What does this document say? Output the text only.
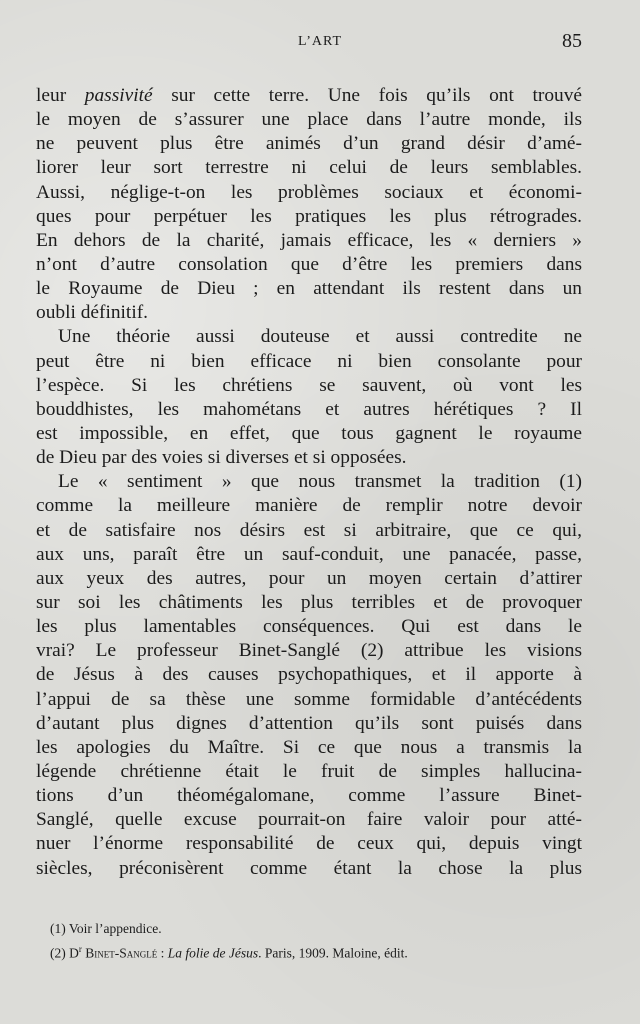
L’ART	85
leur passivité sur cette terre. Une fois qu’ils ont trouvé
le moyen de s’assurer une place dans l’autre monde, ils
ne peuvent plus être animés d’un grand désir d’amé-
liorer leur sort terrestre ni celui de leurs semblables.
Aussi, néglige-t-on les problèmes sociaux et économi-
ques pour perpétuer les pratiques les plus rétrogrades.
En dehors de la charité, jamais efficace, les « derniers »
n’ont d’autre consolation que d’être les premiers dans
le Royaume de Dieu ; en attendant ils restent dans un
oubli définitif.
Une théorie aussi douteuse et aussi contredite ne
peut être ni bien efficace ni bien consolante pour
l’espèce. Si les chrétiens se sauvent, où vont les
bouddhistes, les mahométans et autres hérétiques ? Il
est impossible, en effet, que tous gagnent le royaume
de Dieu par des voies si diverses et si opposées.
Le « sentiment » que nous transmet la tradition (1)
comme la meilleure manière de remplir notre devoir
et de satisfaire nos désirs est si arbitraire, que ce qui,
aux uns, paraît être un sauf-conduit, une panacée, passe,
aux yeux des autres, pour un moyen certain d’attirer
sur soi les châtiments les plus terribles et de provoquer
les plus lamentables conséquences. Qui est dans le
vrai? Le professeur Binet-Sanglé (2) attribue les visions
de Jésus à des causes psychopathiques, et il apporte à
l’appui de sa thèse une somme formidable d’antécédents
d’autant plus dignes d’attention qu’ils sont puisés dans
les apologies du Maître. Si ce que nous a transmis la
légende chrétienne était le fruit de simples hallucina-
tions d’un théomégalomane, comme l’assure Binet-
Sanglé, quelle excuse pourrait-on faire valoir pour atté-
nuer l’énorme responsabilité de ceux qui, depuis vingt
siècles, préconisèrent comme étant la chose la plus
(1) Voir l’appendice.
(2) $D^r$ Binet-Sanglé : La folie de Jésus. Paris, 1909. Maloine, édit.
